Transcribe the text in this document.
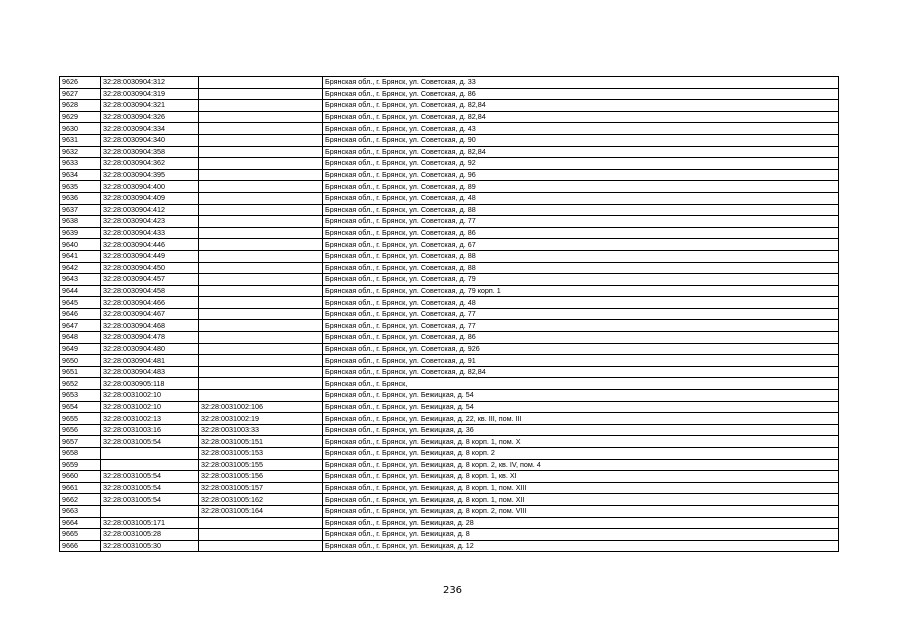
9626	32:28:0030904:312		Брянская обл., г. Брянск, ул. Советская, д. 33
9627	32:28:0030904:319		Брянская обл., г. Брянск, ул. Советская, д. 86
9628	32:28:0030904:321		Брянская обл., г. Брянск, ул. Советская, д. 82,84
9629	32:28:0030904:326		Брянская обл., г. Брянск, ул. Советская, д. 82,84
9630	32:28:0030904:334		Брянская обл., г. Брянск, ул. Советская, д. 43
9631	32:28:0030904:340		Брянская обл., г. Брянск, ул. Советская, д. 90
9632	32:28:0030904:358		Брянская обл., г. Брянск, ул. Советская, д. 82,84
9633	32:28:0030904:362		Брянская обл., г. Брянск, ул. Советская, д. 92
9634	32:28:0030904:395		Брянская обл., г. Брянск, ул. Советская, д. 96
9635	32:28:0030904:400		Брянская обл., г. Брянск, ул. Советская, д. 89
9636	32:28:0030904:409		Брянская обл., г. Брянск, ул. Советская, д. 48
9637	32:28:0030904:412		Брянская обл., г. Брянск, ул. Советская, д. 88
9638	32:28:0030904:423		Брянская обл., г. Брянск, ул. Советская, д. 77
9639	32:28:0030904:433		Брянская обл., г. Брянск, ул. Советская, д. 86
9640	32:28:0030904:446		Брянская обл., г. Брянск, ул. Советская, д. 67
9641	32:28:0030904:449		Брянская обл., г. Брянск, ул. Советская, д. 88
9642	32:28:0030904:450		Брянская обл., г. Брянск, ул. Советская, д. 88
9643	32:28:0030904:457		Брянская обл., г. Брянск, ул. Советская, д. 79
9644	32:28:0030904:458		Брянская обл., г. Брянск, ул. Советская, д. 79 корп. 1
9645	32:28:0030904:466		Брянская обл., г. Брянск, ул. Советская, д. 48
9646	32:28:0030904:467		Брянская обл., г. Брянск, ул. Советская, д. 77
9647	32:28:0030904:468		Брянская обл., г. Брянск, ул. Советская, д. 77
9648	32:28:0030904:478		Брянская обл., г. Брянск, ул. Советская, д. 86
9649	32:28:0030904:480		Брянская обл., г. Брянск, ул. Советская, д. 926
9650	32:28:0030904:481		Брянская обл., г. Брянск, ул. Советская, д. 91
9651	32:28:0030904:483		Брянская обл., г. Брянск, ул. Советская, д. 82,84
9652	32:28:0030905:118		Брянская обл., г. Брянск,
9653	32:28:0031002:10		Брянская обл., г. Брянск, ул. Бежицкая, д. 54
9654	32:28:0031002:10	32:28:0031002:106	Брянская обл., г. Брянск, ул. Бежицкая, д. 54
9655	32:28:0031002:13	32:28:0031002:19	Брянская обл., г. Брянск, ул. Бежицкая, д. 22, кв. III, пом. III
9656	32:28:0031003:16	32:28:0031003:33	Брянская обл., г. Брянск, ул. Бежицкая, д. 36
9657	32:28:0031005:54	32:28:0031005:151	Брянская обл., г. Брянск, ул. Бежицкая, д. 8 корп. 1, пом. X
9658		32:28:0031005:153	Брянская обл., г. Брянск, ул. Бежицкая, д. 8 корп. 2
9659		32:28:0031005:155	Брянская обл., г. Брянск, ул. Бежицкая, д. 8 корп. 2, кв. IV, пом. 4
9660	32:28:0031005:54	32:28:0031005:156	Брянская обл., г. Брянск, ул. Бежицкая, д. 8 корп. 1, кв. XI
9661	32:28:0031005:54	32:28:0031005:157	Брянская обл., г. Брянск, ул. Бежицкая, д. 8 корп. 1, пом. XIII
9662	32:28:0031005:54	32:28:0031005:162	Брянская обл., г. Брянск, ул. Бежицкая, д. 8 корп. 1, пом. XII
9663		32:28:0031005:164	Брянская обл., г. Брянск, ул. Бежицкая, д. 8 корп. 2, пом. VIII
9664	32:28:0031005:171		Брянская обл., г. Брянск, ул. Бежицкая, д. 28
9665	32:28:0031005:28		Брянская обл., г. Брянск, ул. Бежицкая, д. 8
9666	32:28:0031005:30		Брянская обл., г. Брянск, ул. Бежицкая, д. 12
236
